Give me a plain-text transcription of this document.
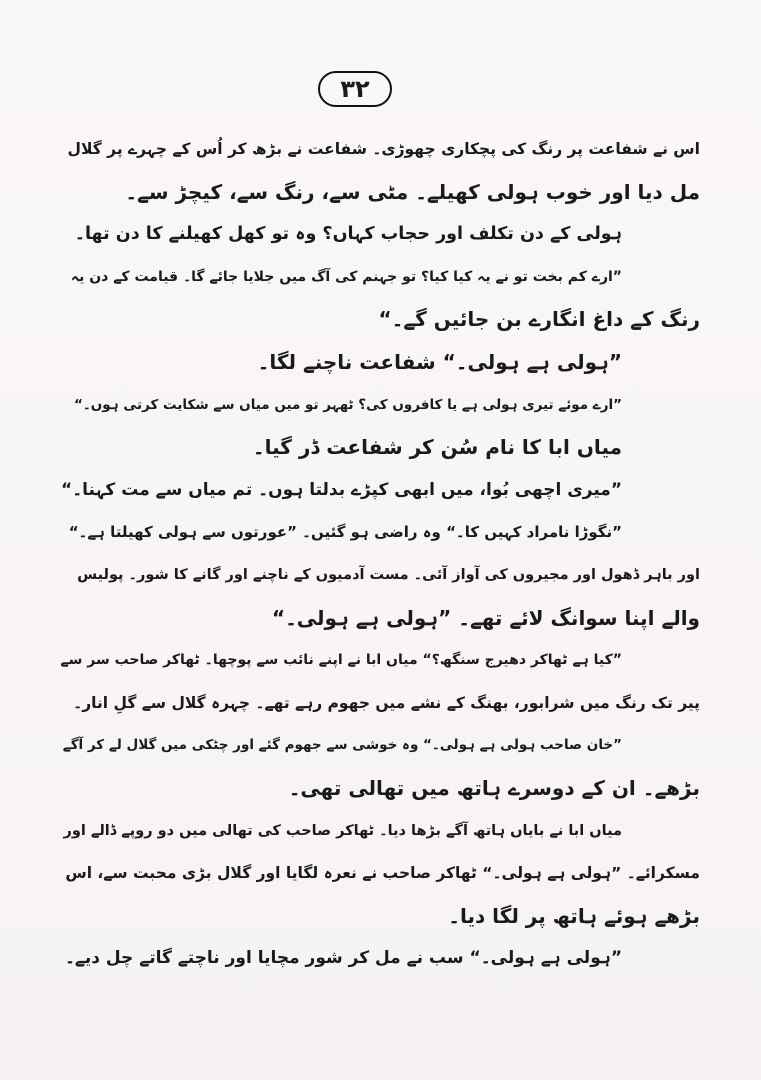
۳۲
اس نے شفاعت پر رنگ کی پچکاری چھوڑی۔ شفاعت نے بڑھ کر اُس کے چہرے پر گلال
مل دیا اور خوب ہولی کھیلے۔ مٹی سے، رنگ سے، کیچڑ سے۔
ہولی کے دن تکلف اور حجاب کہاں؟ وہ تو کھل کھیلنے کا دن تھا۔
”ارے کم بخت تو نے یہ کیا کیا؟ تو جہنم کی آگ میں جلایا جائے گا۔ قیامت کے دن یہ
رنگ کے داغ انگارے بن جائیں گے۔“
”ہولی ہے ہولی۔“ شفاعت ناچنے لگا۔
”ارے موئے تیری ہولی ہے یا کافروں کی؟ ٹھہر تو میں میاں سے شکایت کرتی ہوں۔“
میاں ابا کا نام سُن کر شفاعت ڈر گیا۔
”میری اچھی بُوا، میں ابھی کپڑے بدلتا ہوں۔ تم میاں سے مت کہنا۔“
”نگوڑا نامراد کہیں کا۔“ وہ راضی ہو گئیں۔ ”عورتوں سے ہولی کھیلتا ہے۔“
اور باہر ڈھول اور مجیروں کی آواز آئی۔ مست آدمیوں کے ناچنے اور گانے کا شور۔ پولیس
والے اپنا سوانگ لائے تھے۔ ”ہولی ہے ہولی۔“
”کیا ہے ٹھاکر دھیرج سنگھ؟“ میاں ابا نے اپنے نائب سے پوچھا۔ ٹھاکر صاحب سر سے
پیر تک رنگ میں شرابور، بھنگ کے نشے میں جھوم رہے تھے۔ چہرہ گلال سے گلِ انار۔
”خان صاحب ہولی ہے ہولی۔“ وہ خوشی سے جھوم گئے اور چٹکی میں گلال لے کر آگے
بڑھے۔ ان کے دوسرے ہاتھ میں تھالی تھی۔
میاں ابا نے بایاں ہاتھ آگے بڑھا دیا۔ ٹھاکر صاحب کی تھالی میں دو روپے ڈالے اور
مسکرائے۔ ”ہولی ہے ہولی۔“ ٹھاکر صاحب نے نعرہ لگایا اور گلال بڑی محبت سے، اس
بڑھے ہوئے ہاتھ پر لگا دیا۔
”ہولی ہے ہولی۔“ سب نے مل کر شور مچایا اور ناچتے گاتے چل دیے۔
